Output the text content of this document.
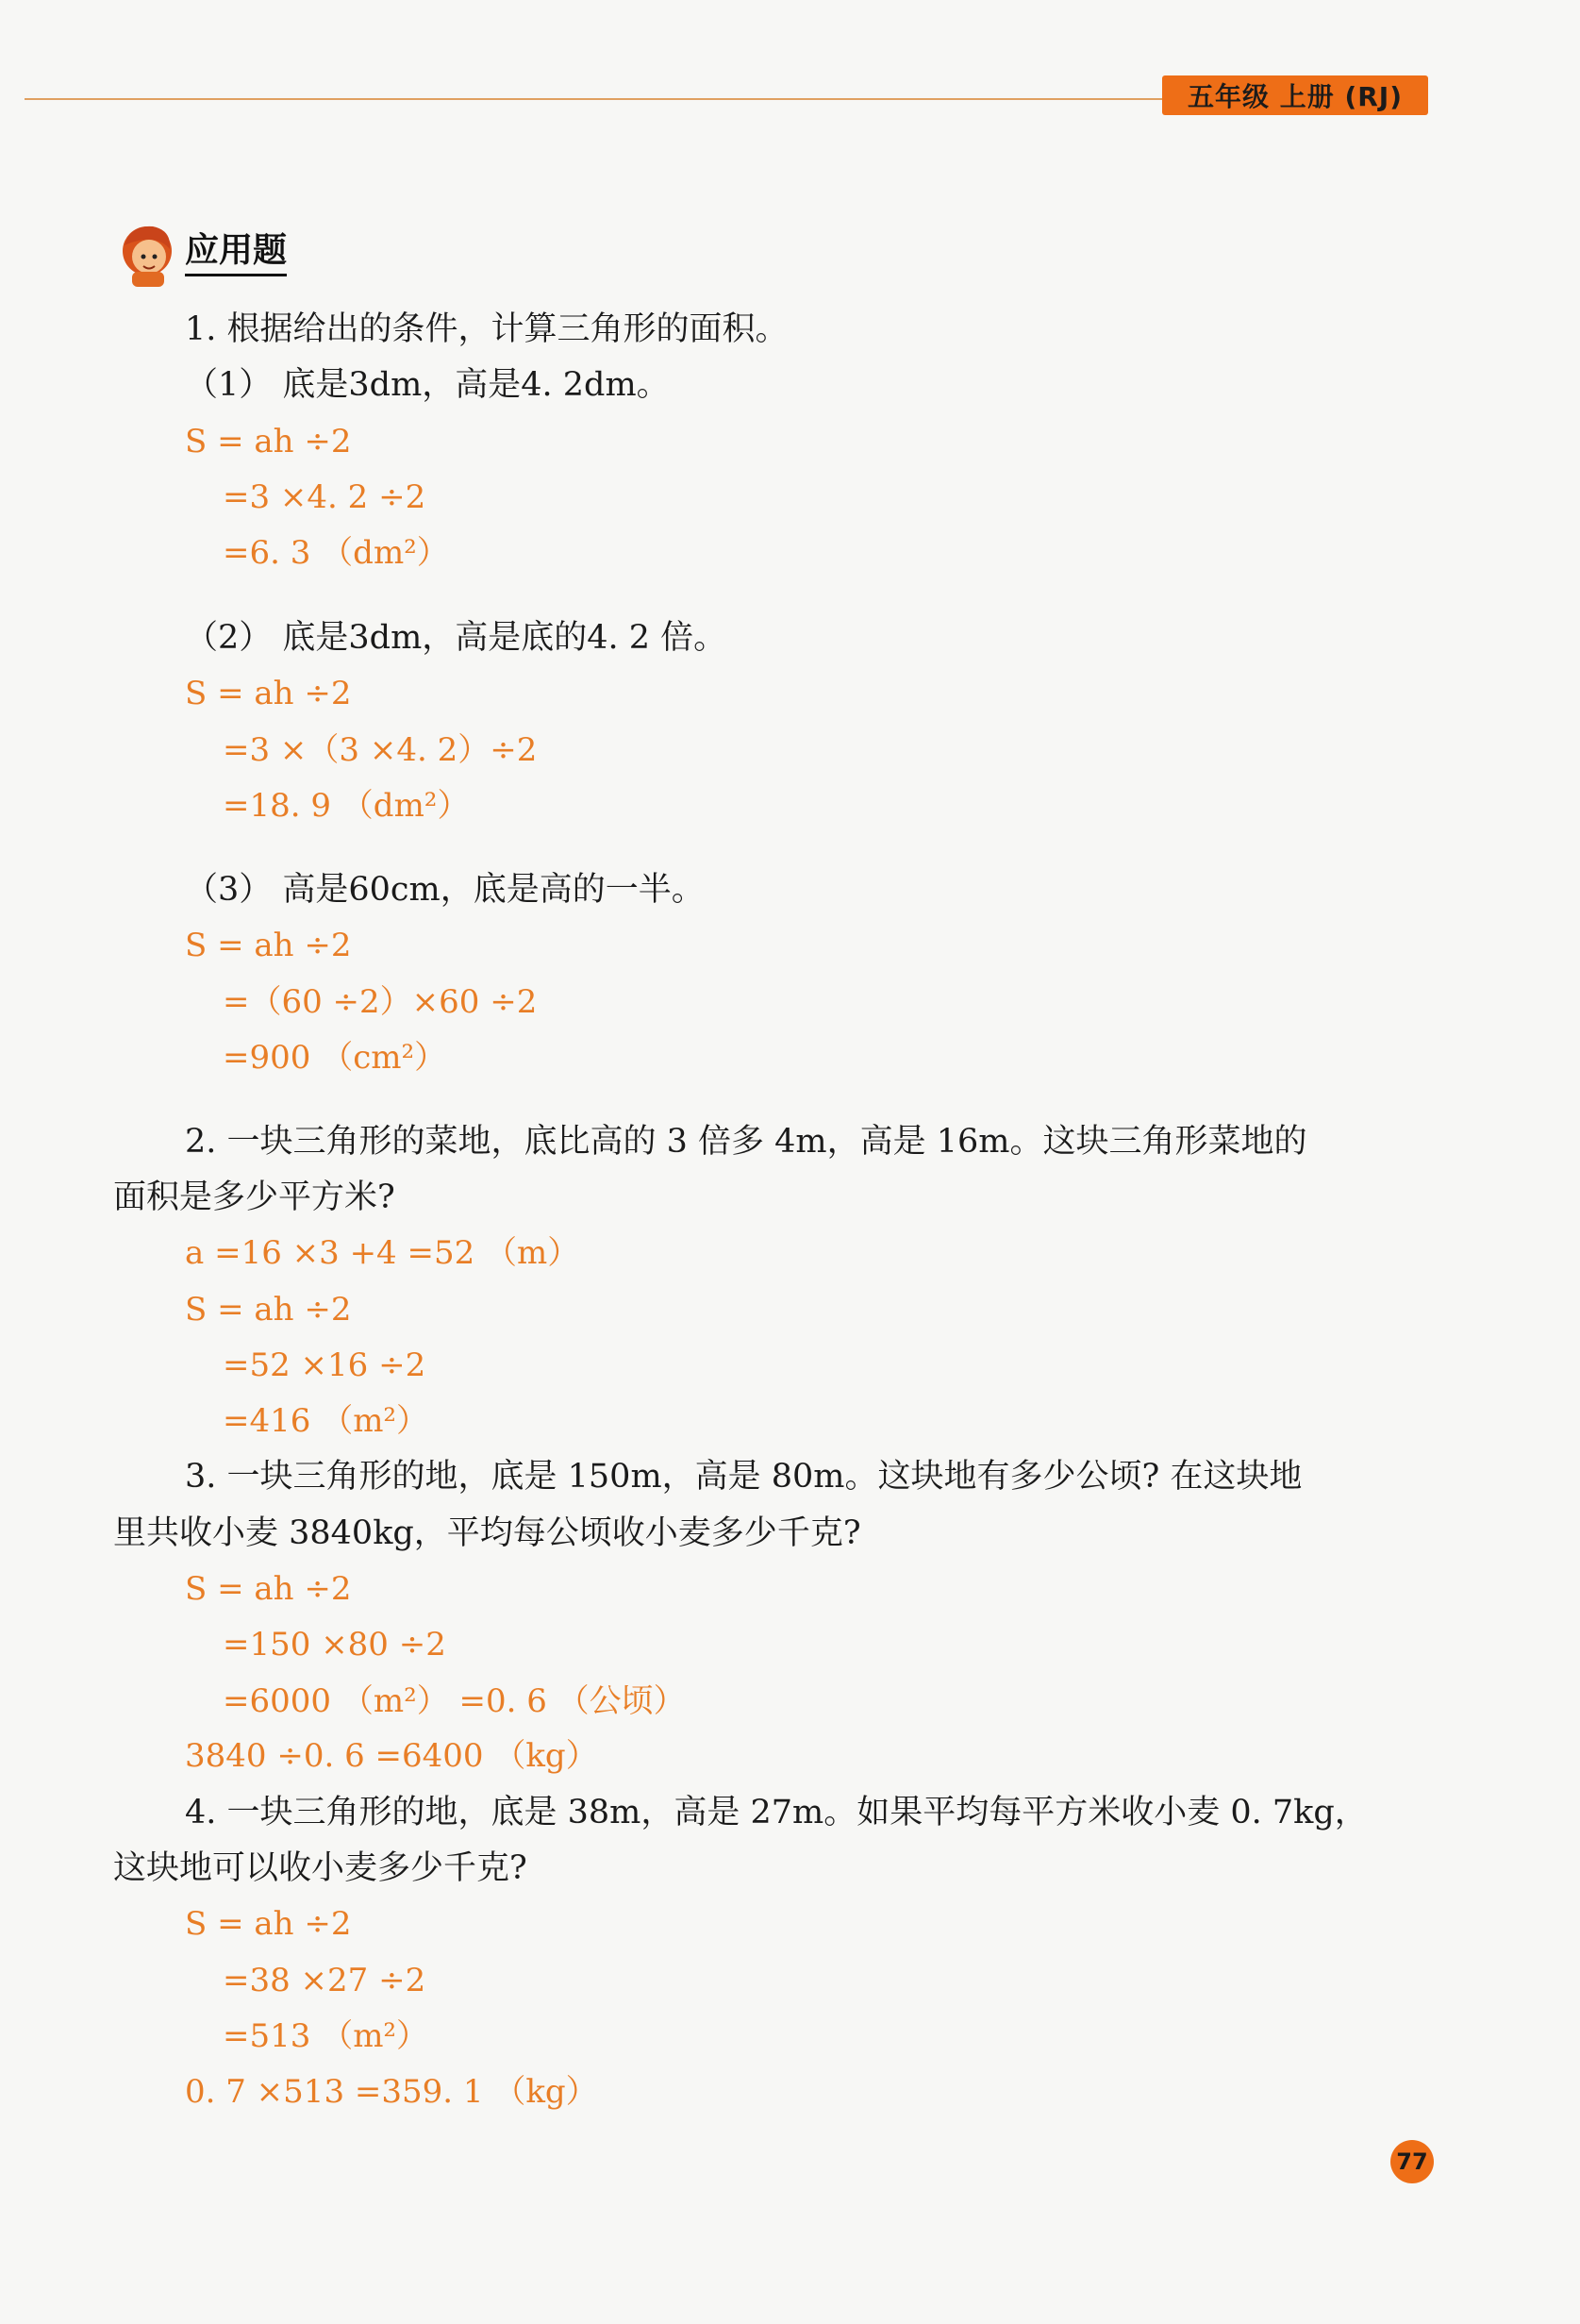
五年级 上册 (RJ)
应用题
1. 根据给出的条件，计算三角形的面积。
（1） 底是3dm，高是4. 2dm。
S = ah ÷2
=3 ×4. 2 ÷2
=6. 3 （dm²）
（2） 底是3dm，高是底的4. 2 倍。
S = ah ÷2
=3 ×（3 ×4. 2）÷2
=18. 9 （dm²）
（3） 高是60cm，底是高的一半。
S = ah ÷2
=（60 ÷2）×60 ÷2
=900 （cm²）
2. 一块三角形的菜地，底比高的 3 倍多 4m，高是 16m。这块三角形菜地的
面积是多少平方米?
a =16 ×3 +4 =52 （m）
S = ah ÷2
=52 ×16 ÷2
=416 （m²）
3. 一块三角形的地，底是 150m，高是 80m。这块地有多少公顷? 在这块地
里共收小麦 3840kg，平均每公顷收小麦多少千克?
S = ah ÷2
=150 ×80 ÷2
=6000 （m²） =0. 6 （公顷）
3840 ÷0. 6 =6400 （kg）
4. 一块三角形的地，底是 38m，高是 27m。如果平均每平方米收小麦 0. 7kg，
这块地可以收小麦多少千克?
S = ah ÷2
=38 ×27 ÷2
=513 （m²）
0. 7 ×513 =359. 1 （kg）
77
